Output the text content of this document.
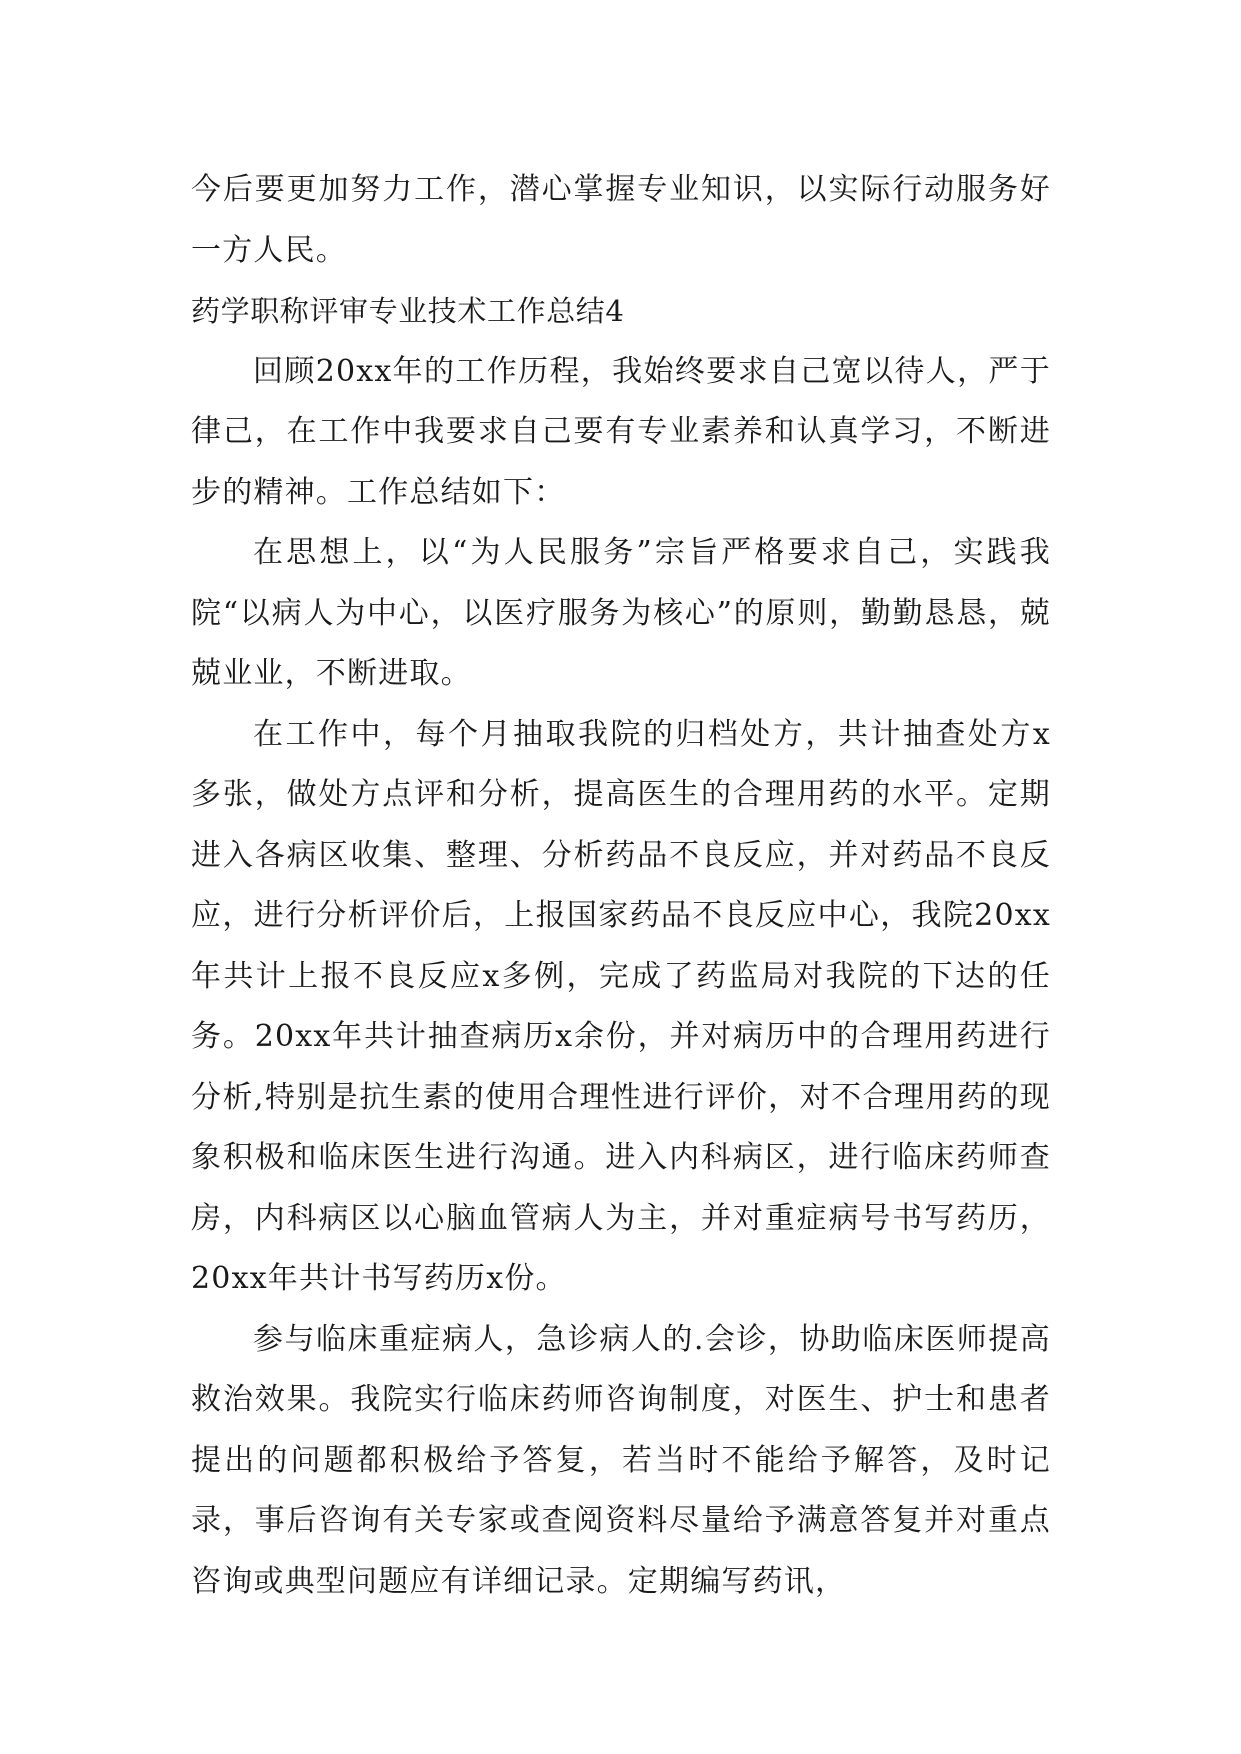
今后要更加努力工作，潜心掌握专业知识，以实际行动服务好一方人民。

药学职称评审专业技术工作总结4

回顾20xx年的工作历程，我始终要求自己宽以待人，严于律己，在工作中我要求自己要有专业素养和认真学习，不断进步的精神。工作总结如下：

在思想上，以“为人民服务”宗旨严格要求自己，实践我院“以病人为中心，以医疗服务为核心”的原则，勤勤恳恳，兢兢业业，不断进取。

在工作中，每个月抽取我院的归档处方，共计抽查处方x多张，做处方点评和分析，提高医生的合理用药的水平。定期进入各病区收集、整理、分析药品不良反应，并对药品不良反应，进行分析评价后，上报国家药品不良反应中心，我院20xx年共计上报不良反应x多例，完成了药监局对我院的下达的任务。20xx年共计抽查病历x余份，并对病历中的合理用药进行分析,特别是抗生素的使用合理性进行评价，对不合理用药的现象积极和临床医生进行沟通。进入内科病区，进行临床药师查房，内科病区以心脑血管病人为主，并对重症病号书写药历，20xx年共计书写药历x份。

参与临床重症病人，急诊病人的.会诊，协助临床医师提高救治效果。我院实行临床药师咨询制度，对医生、护士和患者提出的问题都积极给予答复，若当时不能给予解答，及时记录，事后咨询有关专家或查阅资料尽量给予满意答复并对重点咨询或典型问题应有详细记录。定期编写药讯，
